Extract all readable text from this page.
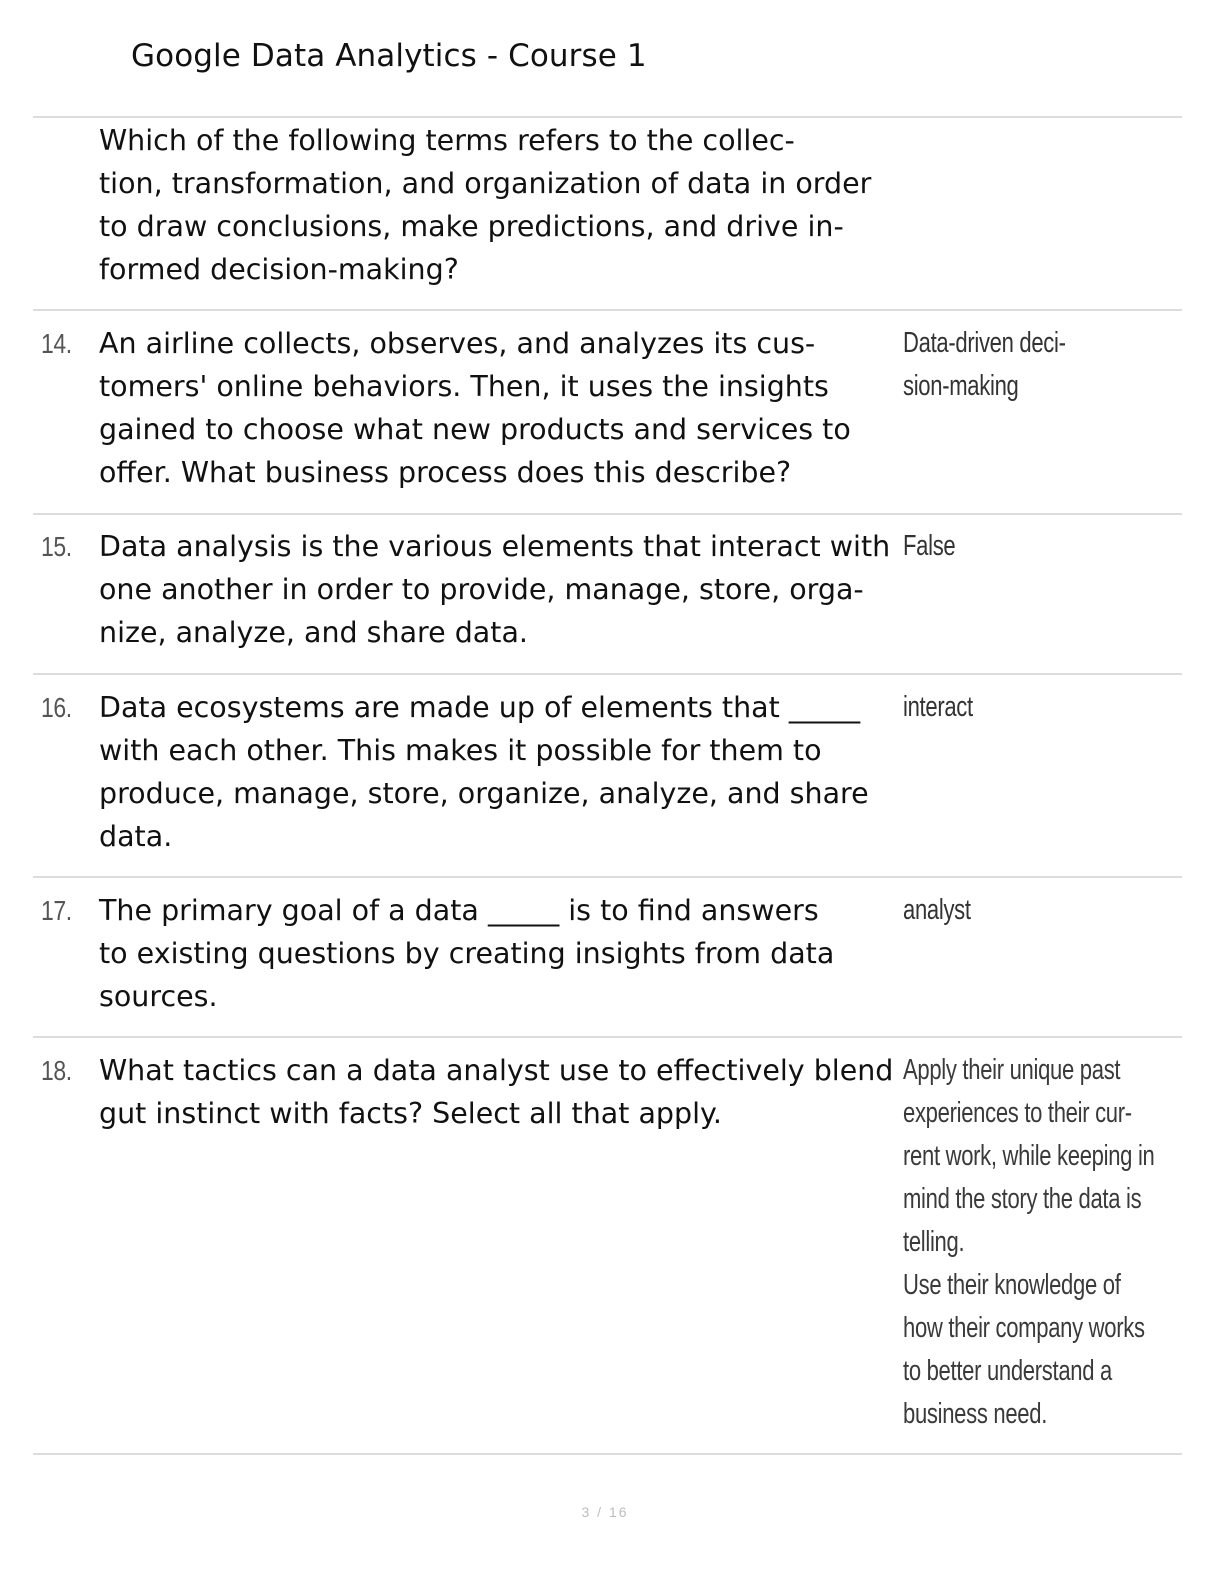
Google Data Analytics - Course 1
Which of the following terms refers to the collec-
tion, transformation, and organization of data in order
to draw conclusions, make predictions, and drive in-
formed decision-making?
14. An airline collects, observes, and analyzes its cus-
tomers' online behaviors. Then, it uses the insights
gained to choose what new products and services to
offer. What business process does this describe?
Data-driven deci-
sion-making
15. Data analysis is the various elements that interact with
one another in order to provide, manage, store, orga-
nize, analyze, and share data.
False
16. Data ecosystems are made up of elements that _____
with each other. This makes it possible for them to
produce, manage, store, organize, analyze, and share
data.
interact
17. The primary goal of a data _____ is to find answers
to existing questions by creating insights from data
sources.
analyst
18. What tactics can a data analyst use to effectively blend
gut instinct with facts? Select all that apply.
Apply their unique past
experiences to their cur-
rent work, while keeping in
mind the story the data is
telling.
Use their knowledge of
how their company works
to better understand a
business need.
3 / 16
